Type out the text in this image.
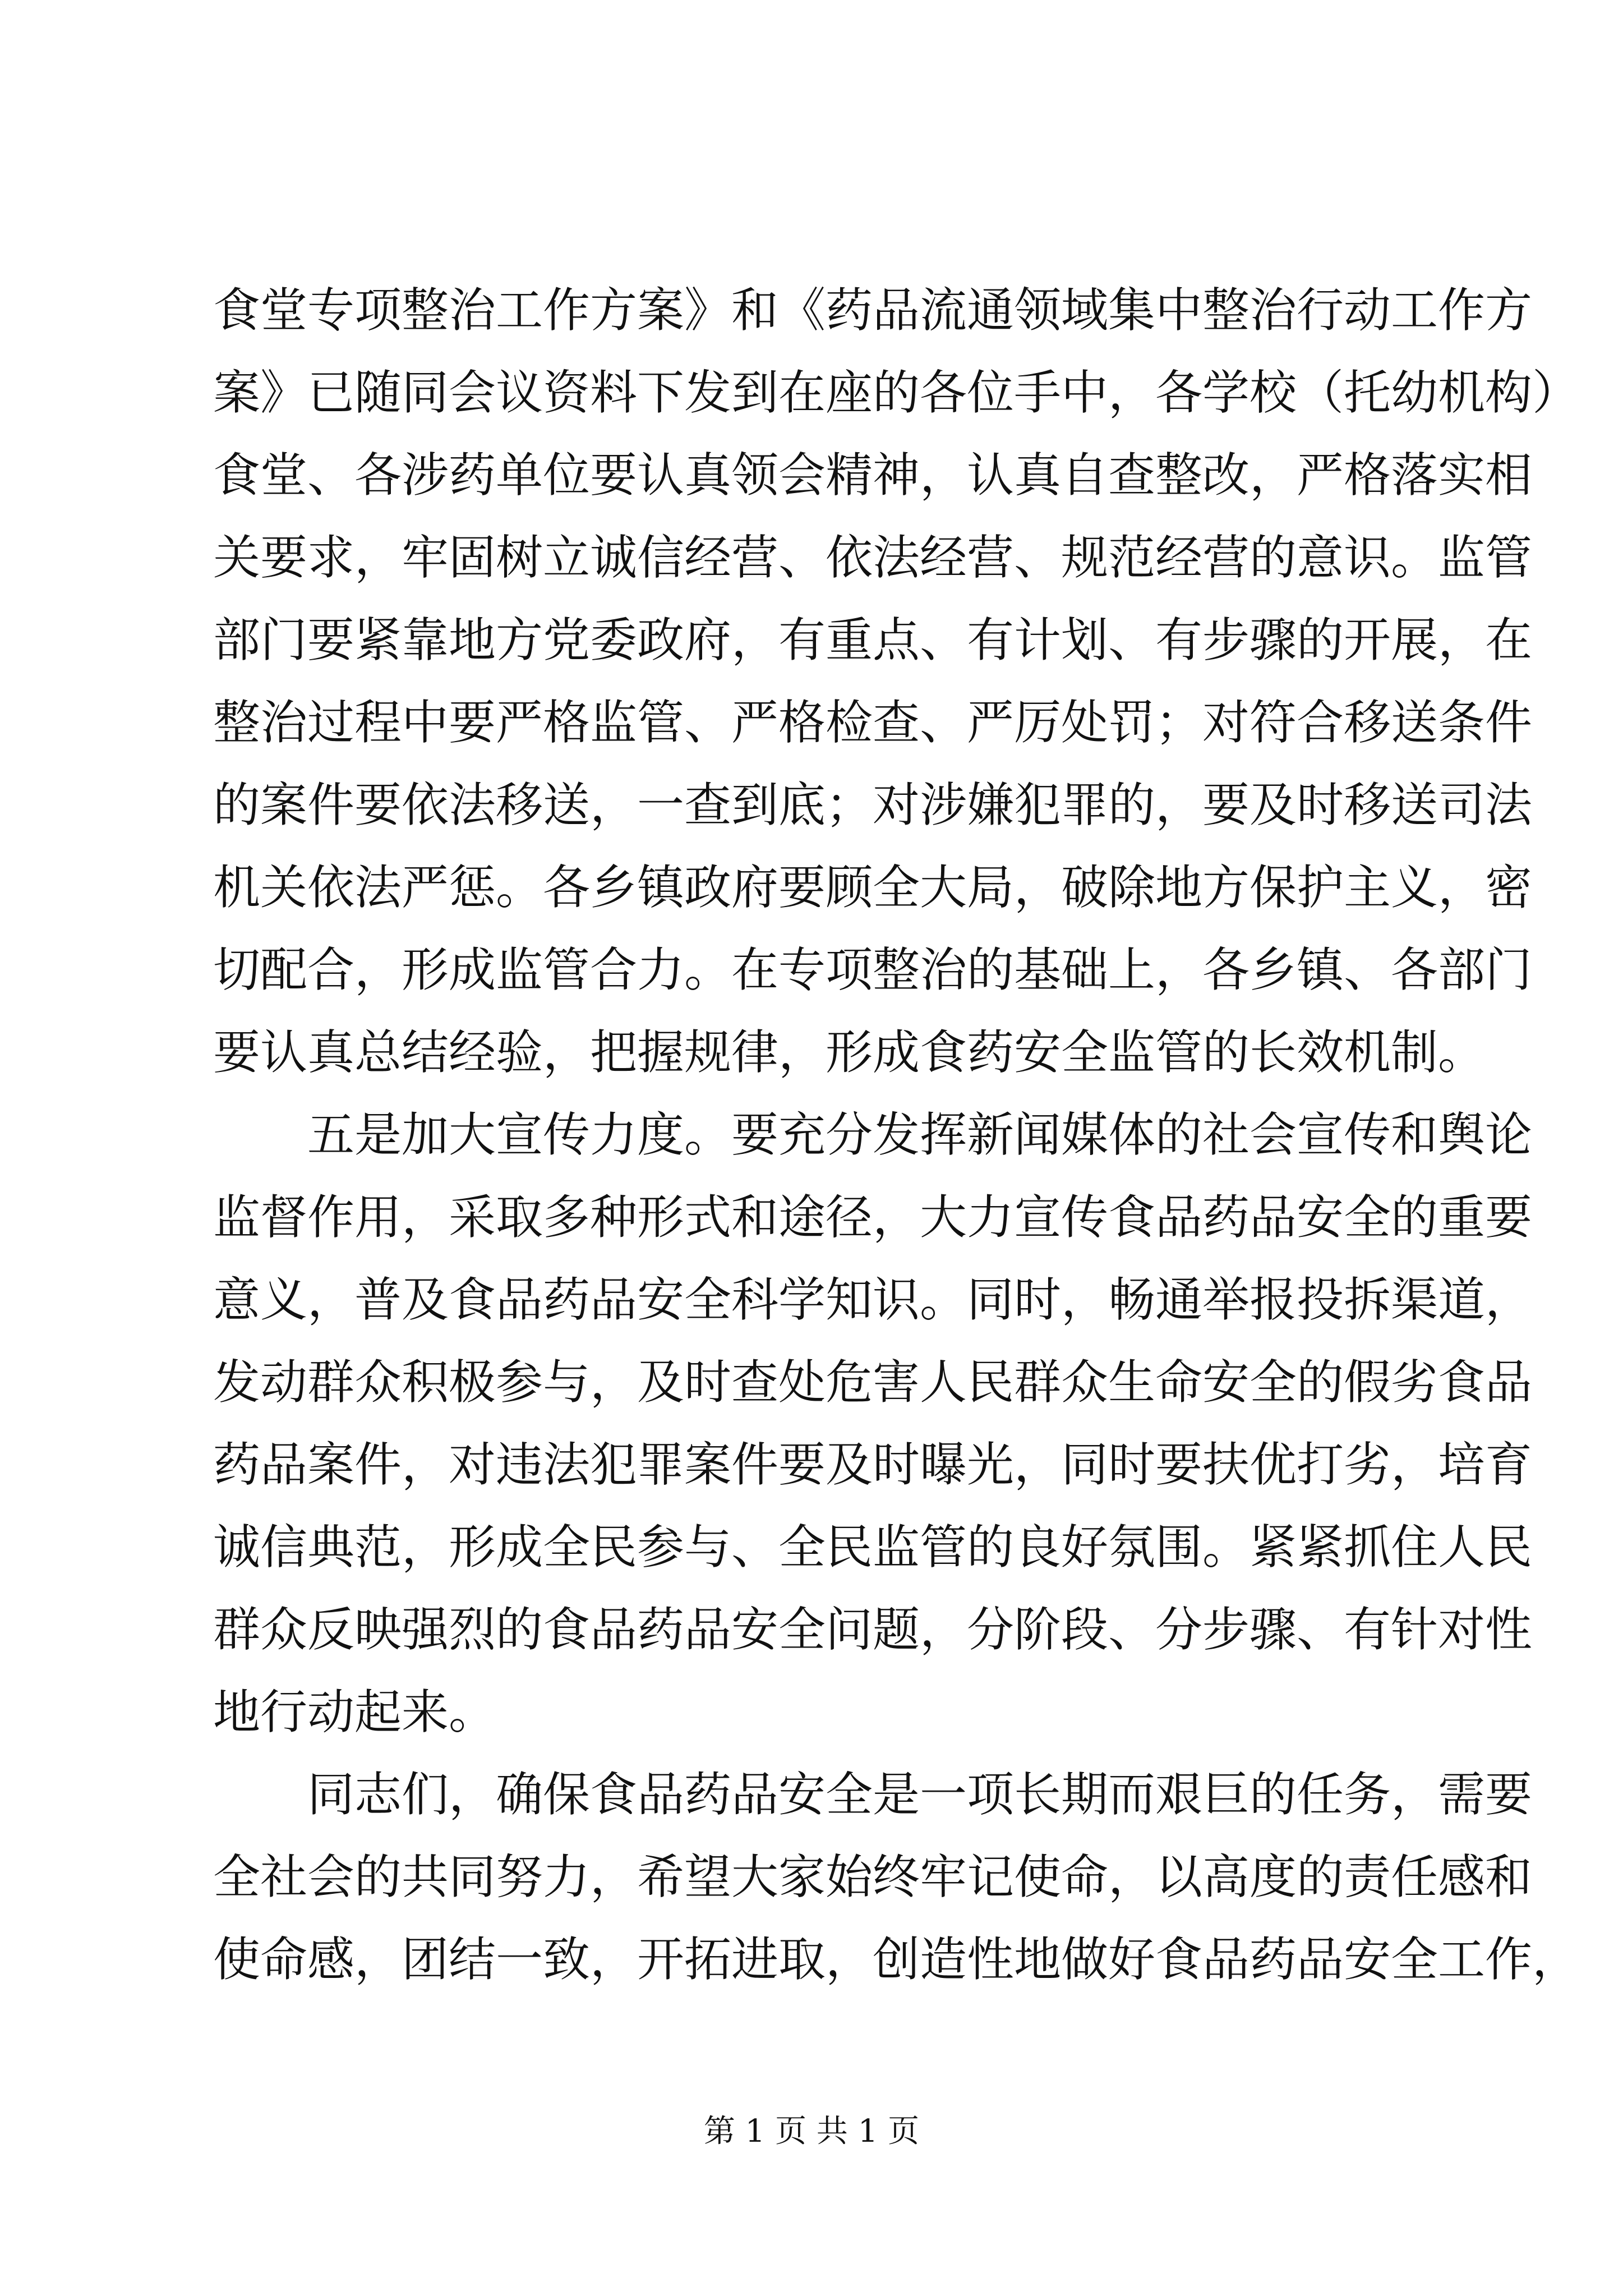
食堂专项整治工作方案》和《药品流通领域集中整治行动工作方
案》已随同会议资料下发到在座的各位手中，各学校（托幼机构）
食堂、各涉药单位要认真领会精神，认真自查整改，严格落实相
关要求，牢固树立诚信经营、依法经营、规范经营的意识。监管
部门要紧靠地方党委政府，有重点、有计划、有步骤的开展，在
整治过程中要严格监管、严格检查、严厉处罚；对符合移送条件
的案件要依法移送，一查到底；对涉嫌犯罪的，要及时移送司法
机关依法严惩。各乡镇政府要顾全大局，破除地方保护主义，密
切配合，形成监管合力。在专项整治的基础上，各乡镇、各部门
要认真总结经验，把握规律，形成食药安全监管的长效机制。
五是加大宣传力度。要充分发挥新闻媒体的社会宣传和舆论
监督作用，采取多种形式和途径，大力宣传食品药品安全的重要
意义，普及食品药品安全科学知识。同时，畅通举报投拆渠道，
发动群众积极参与，及时查处危害人民群众生命安全的假劣食品
药品案件，对违法犯罪案件要及时曝光，同时要扶优打劣，培育
诚信典范，形成全民参与、全民监管的良好氛围。紧紧抓住人民
群众反映强烈的食品药品安全问题，分阶段、分步骤、有针对性
地行动起来。
同志们，确保食品药品安全是一项长期而艰巨的任务，需要
全社会的共同努力，希望大家始终牢记使命，以高度的责任感和
使命感，团结一致，开拓进取，创造性地做好食品药品安全工作，
第 1 页 共 1 页
